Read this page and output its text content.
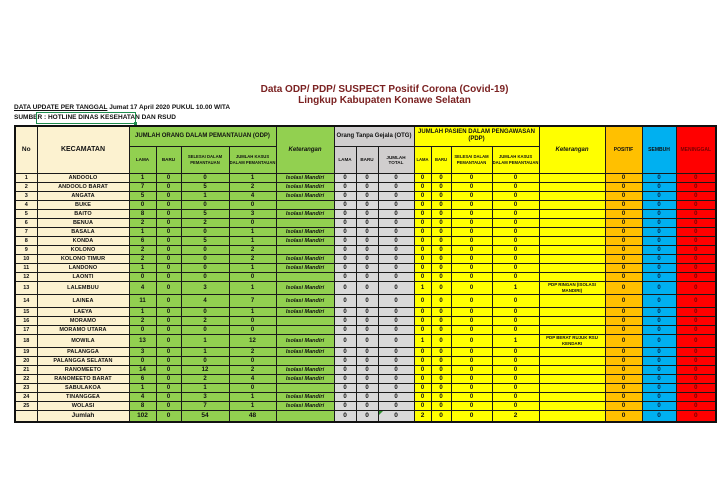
Data ODP/ PDP/ SUSPECT Positif Corona (Covid-19)
Lingkup Kabupaten Konawe Selatan
DATA UPDATE PER TANGGAL Jumat 17 April 2020 PUKUL 10.00 WITA
SUMBER : HOTLINE DINAS KESEHATAN DAN RSUD
No	KECAMATAN	JUMLAH ORANG DALAM PEMANTAUAN (ODP)				Keterangan	Orang Tanpa Gejala (OTG)			JUMLAH PASIEN DALAM PENGAWASAN (PDP)				Keterangan	POSITIF	SEMBUH	MENINGGAL
		LAMA	BARU	SELESAI DALAM PEMANTAUAN	JUMLAH KASUS DALAM PEMANTAUAN		LAMA	BARU	JUMLAH TOTAL	LAMA	BARU	SELESAI DALAM PEMANTAUAN	JUMLAH KASUS DALAM PEMANTAUAN				
1	ANDOOLO	1	0	0	1	Isolasi Mandiri	0	0	0	0	0	0	0		0	0	0
2	ANDOOLO BARAT	7	0	5	2	Isolasi Mandiri	0	0	0	0	0	0	0		0	0	0
3	ANGATA	5	0	1	4	Isolasi Mandiri	0	0	0	0	0	0	0		0	0	0
4	BUKE	0	0	0	0		0	0	0	0	0	0	0		0	0	0
5	BAITO	8	0	5	3	Isolasi Mandiri	0	0	0	0	0	0	0		0	0	0
6	BENUA	2	0	2	0		0	0	0	0	0	0	0		0	0	0
7	BASALA	1	0	0	1	Isolasi Mandiri	0	0	0	0	0	0	0		0	0	0
8	KONDA	6	0	5	1	Isolasi Mandiri	0	0	0	0	0	0	0		0	0	0
9	KOLONO	2	0	0	2		0	0	0	0	0	0	0		0	0	0
10	KOLONO TIMUR	2	0	0	2	Isolasi Mandiri	0	0	0	0	0	0	0		0	0	0
11	LANDONO	1	0	0	1	Isolasi Mandiri	0	0	0	0	0	0	0		0	0	0
12	LAONTI	0	0	0	0		0	0	0	0	0	0	0		0	0	0
13	LALEMBUU	4	0	3	1	Isolasi Mandiri	0	0	0	1	0	0	1	PDP RINGAN (ISOLASI MANDIRI)	0	0	0
14	LAINEA	11	0	4	7	Isolasi Mandiri	0	0	0	0	0	0	0		0	0	0
15	LAEYA	1	0	0	1	Isolasi Mandiri	0	0	0	0	0	0	0		0	0	0
16	MORAMO	2	0	2	0		0	0	0	0	0	0	0		0	0	0
17	MORAMO UTARA	0	0	0	0		0	0	0	0	0	0	0		0	0	0
18	MOWILA	13	0	1	12	Isolasi Mandiri	0	0	0	1	0	0	1	PDP BERAT RUJUK RSU KENDARI	0	0	0
19	PALANGGA	3	0	1	2	Isolasi Mandiri	0	0	0	0	0	0	0		0	0	0
20	PALANGGA SELATAN	0	0	0	0		0	0	0	0	0	0	0		0	0	0
21	RANOMEETO	14	0	12	2	Isolasi Mandiri	0	0	0	0	0	0	0		0	0	0
22	RANOMEETO BARAT	6	0	2	4	Isolasi Mandiri	0	0	0	0	0	0	0		0	0	0
23	SABULAKOA	1	0	1	0		0	0	0	0	0	0	0		0	0	0
24	TINANGGEA	4	0	3	1	Isolasi Mandiri	0	0	0	0	0	0	0		0	0	0
25	WOLASI	8	0	7	1	Isolasi Mandiri	0	0	0	0	0	0	0		0	0	0
	Jumlah	102	0	54	48		0	0	0	2	0	0	2		0	0	0
